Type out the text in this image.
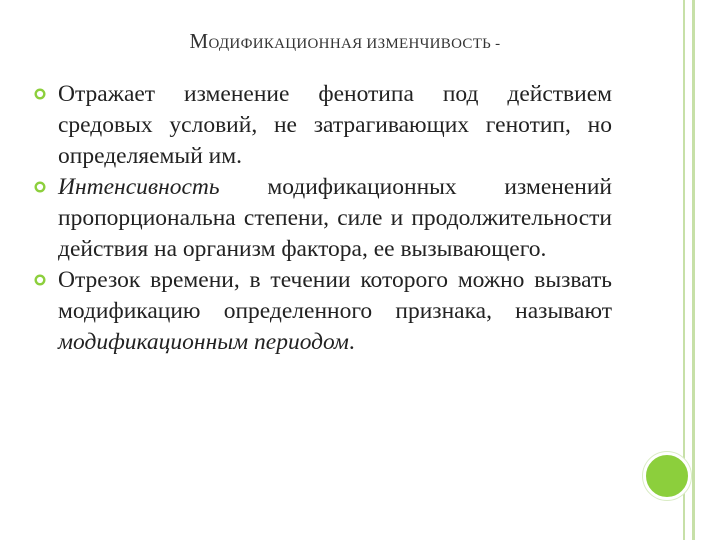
МОДИФИКАЦИОННАЯ ИЗМЕНЧИВОСТЬ -

Отражает изменение фенотипа под действием средовых условий, не затрагивающих генотип, но определяемый им.

Интенсивность модификационных изменений пропорциональна степени, силе и продолжительности действия на организм фактора, ее вызывающего.

Отрезок времени, в течении которого можно вызвать модификацию определенного признака, называют модификационным периодом.
